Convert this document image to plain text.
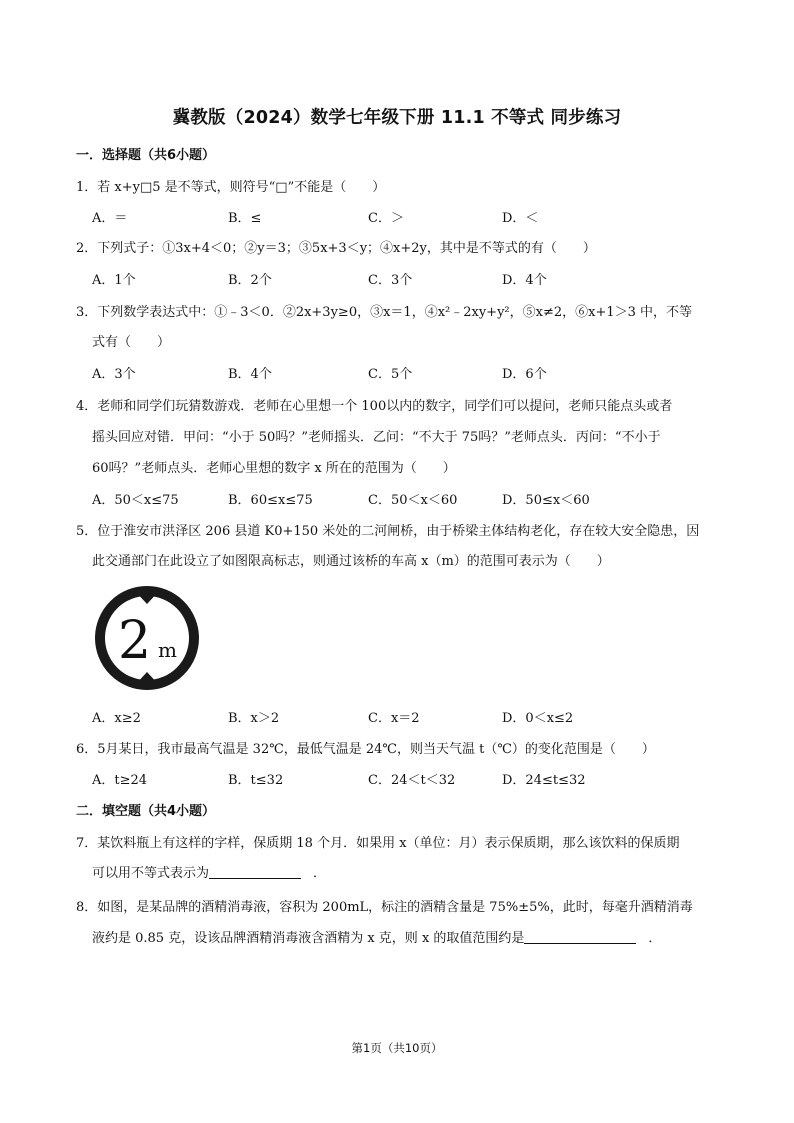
冀教版（2024）数学七年级下册 11.1 不等式 同步练习
一．选择题（共6小题）
1．若 x+y□5 是不等式，则符号“□”不能是（　　）
A．＝	B．≤	C．＞	D．＜
2．下列式子：①3x+4＜0；②y＝3；③5x+3＜y；④x+2y，其中是不等式的有（　　）
A．1个	B．2个	C．3个	D．4个
3．下列数学表达式中：①﹣3＜0．②2x+3y≥0，③x＝1，④x²﹣2xy+y²，⑤x≠2，⑥x+1＞3 中，不等
式有（　　）
A．3个	B．4个	C．5个	D．6个
4．老师和同学们玩猜数游戏．老师在心里想一个 100以内的数字，同学们可以提问，老师只能点头或者
摇头回应对错．甲问：“小于 50吗？”老师摇头．乙问：“不大于 75吗？”老师点头．丙问：“不小于
60吗？”老师点头．老师心里想的数字 x 所在的范围为（　　）
A．50＜x≤75	B．60≤x≤75	C．50＜x＜60	D．50≤x＜60
5．位于淮安市洪泽区 206 县道 K0+150 米处的二河闸桥，由于桥梁主体结构老化，存在较大安全隐患，因
此交通部门在此设立了如图限高标志，则通过该桥的车高 x（m）的范围可表示为（　　）
2 m
A．x≥2	B．x＞2	C．x＝2	D．0＜x≤2
6．5月某日，我市最高气温是 32℃，最低气温是 24℃，则当天气温 t（℃）的变化范围是（　　）
A．t≥24	B．t≤32	C．24＜t＜32	D．24≤t≤32
二．填空题（共4小题）
7．某饮料瓶上有这样的字样，保质期 18 个月．如果用 x（单位：月）表示保质期，那么该饮料的保质期
可以用不等式表示为	．
8．如图，是某品牌的酒精消毒液，容积为 200mL，标注的酒精含量是 75%±5%，此时，每毫升酒精消毒
液约是 0.85 克，设该品牌酒精消毒液含酒精为 x 克，则 x 的取值范围约是	．
第1页（共10页）
